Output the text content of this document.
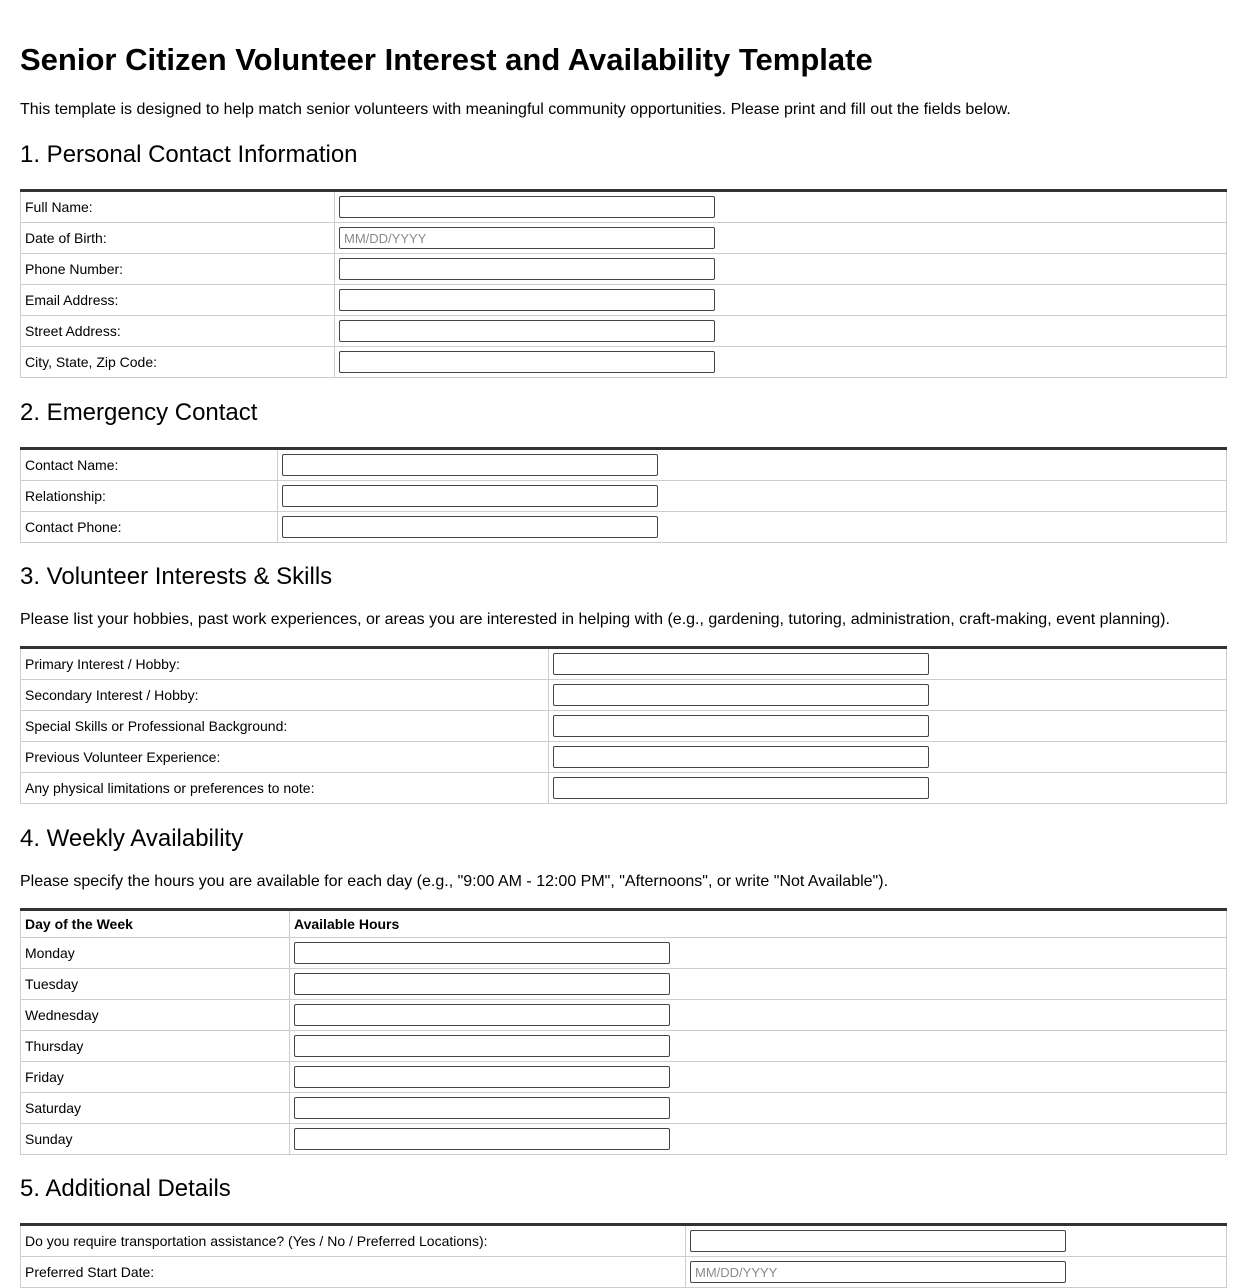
Senior Citizen Volunteer Interest and Availability Template

This template is designed to help match senior volunteers with meaningful community opportunities. Please print and fill out the fields below.

1. Personal Contact Information
Full Name:	

Date of Birth:	
MM/DD/YYYY
Phone Number:	

Email Address:	

Street Address:	

City, State, Zip Code:	
2. Emergency Contact
Contact Name:	

Relationship:	

Contact Phone:	
3. Volunteer Interests & Skills

Please list your hobbies, past work experiences, or areas you are interested in helping with (e.g., gardening, tutoring, administration, craft-making, event planning).

Primary Interest / Hobby:	

Secondary Interest / Hobby:	

Special Skills or Professional Background:	

Previous Volunteer Experience:	

Any physical limitations or preferences to note:	
4. Weekly Availability

Please specify the hours you are available for each day (e.g., "9:00 AM - 12:00 PM", "Afternoons", or write "Not Available").

Day of the Week	Available Hours
Monday	

Tuesday	

Wednesday	

Thursday	

Friday	

Saturday	

Sunday	
5. Additional Details
Do you require transportation assistance? (Yes / No / Preferred Locations):	

Preferred Start Date:	
MM/DD/YYYY
